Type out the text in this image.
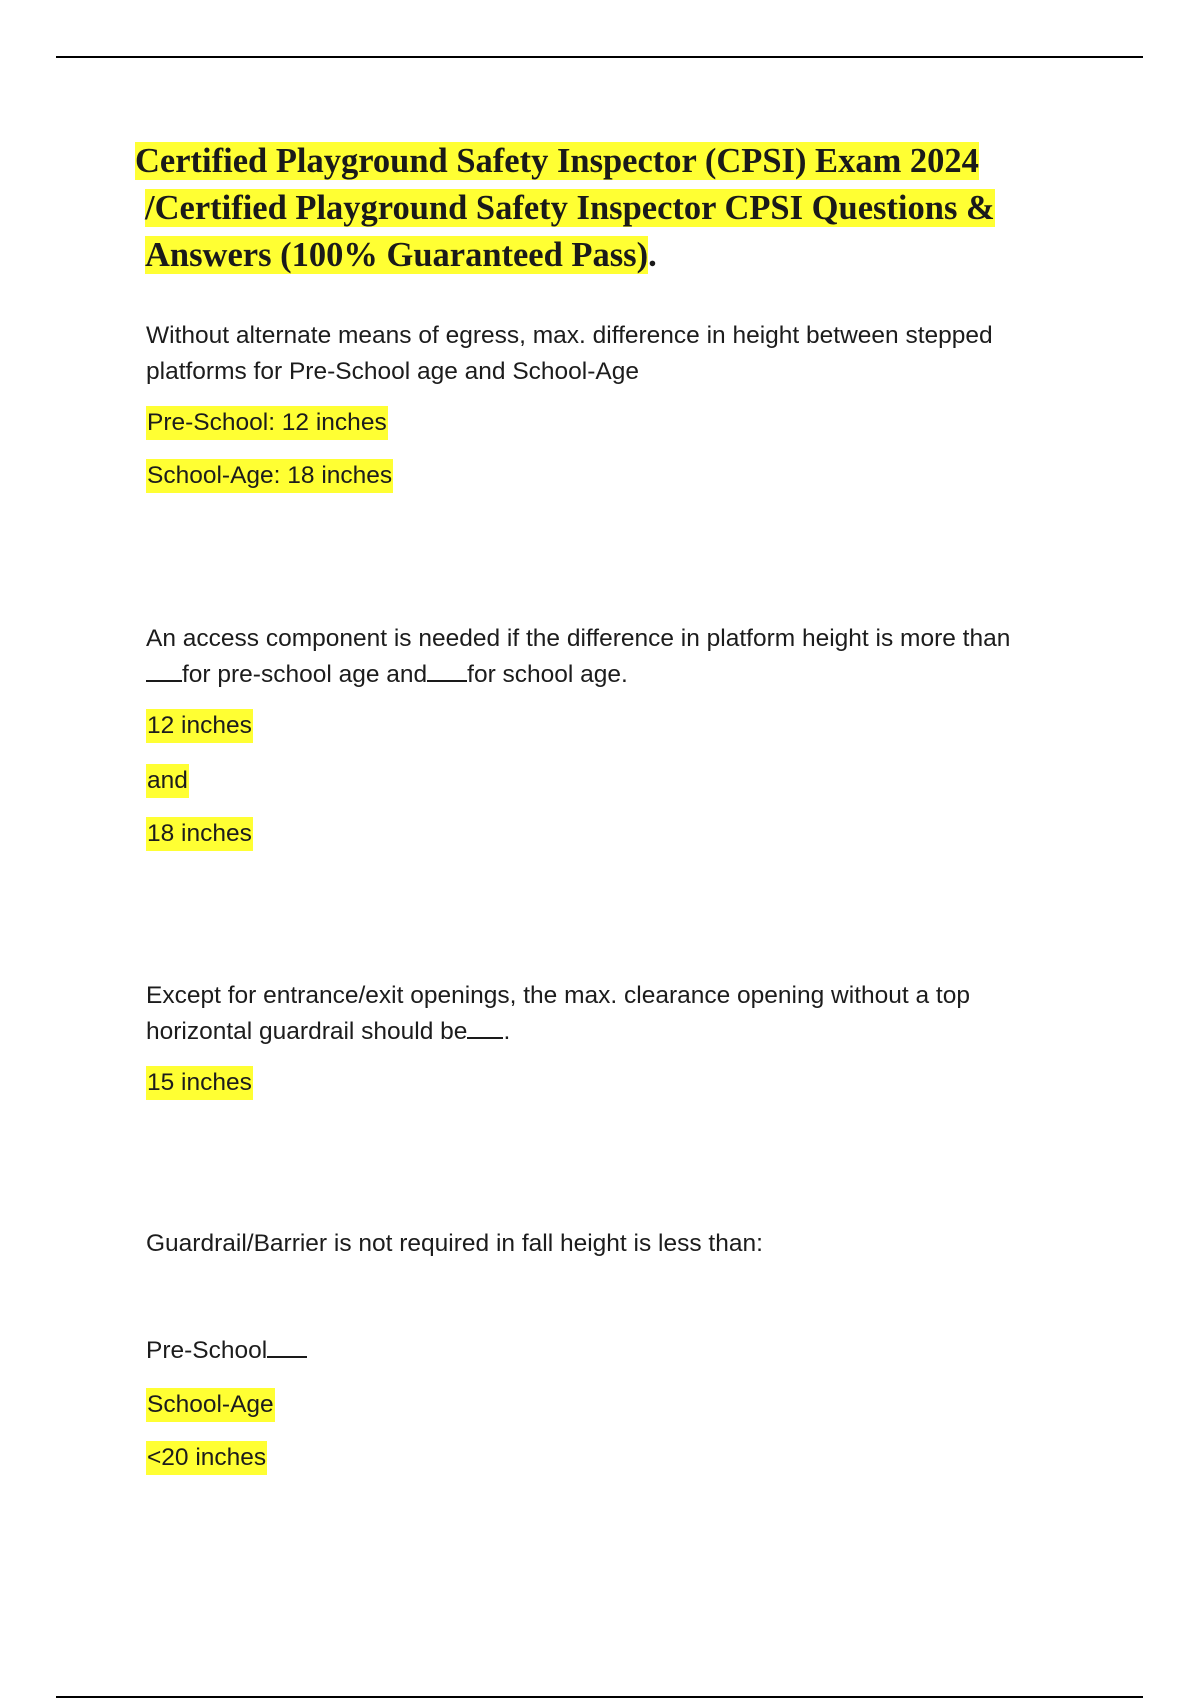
Certified Playground Safety Inspector (CPSI) Exam 2024
/Certified Playground Safety Inspector CPSI Questions &
Answers (100% Guaranteed Pass).
Without alternate means of egress, max. difference in height between stepped
platforms for Pre-School age and School-Age
Pre-School: 12 inches
School-Age: 18 inches
An access component is needed if the difference in platform height is more than
for pre-school age and for school age.
12 inches
and
18 inches
Except for entrance/exit openings, the max. clearance opening without a top
horizontal guardrail should be .
15 inches
Guardrail/Barrier is not required in fall height is less than:
Pre-School
School-Age
<20 inches
